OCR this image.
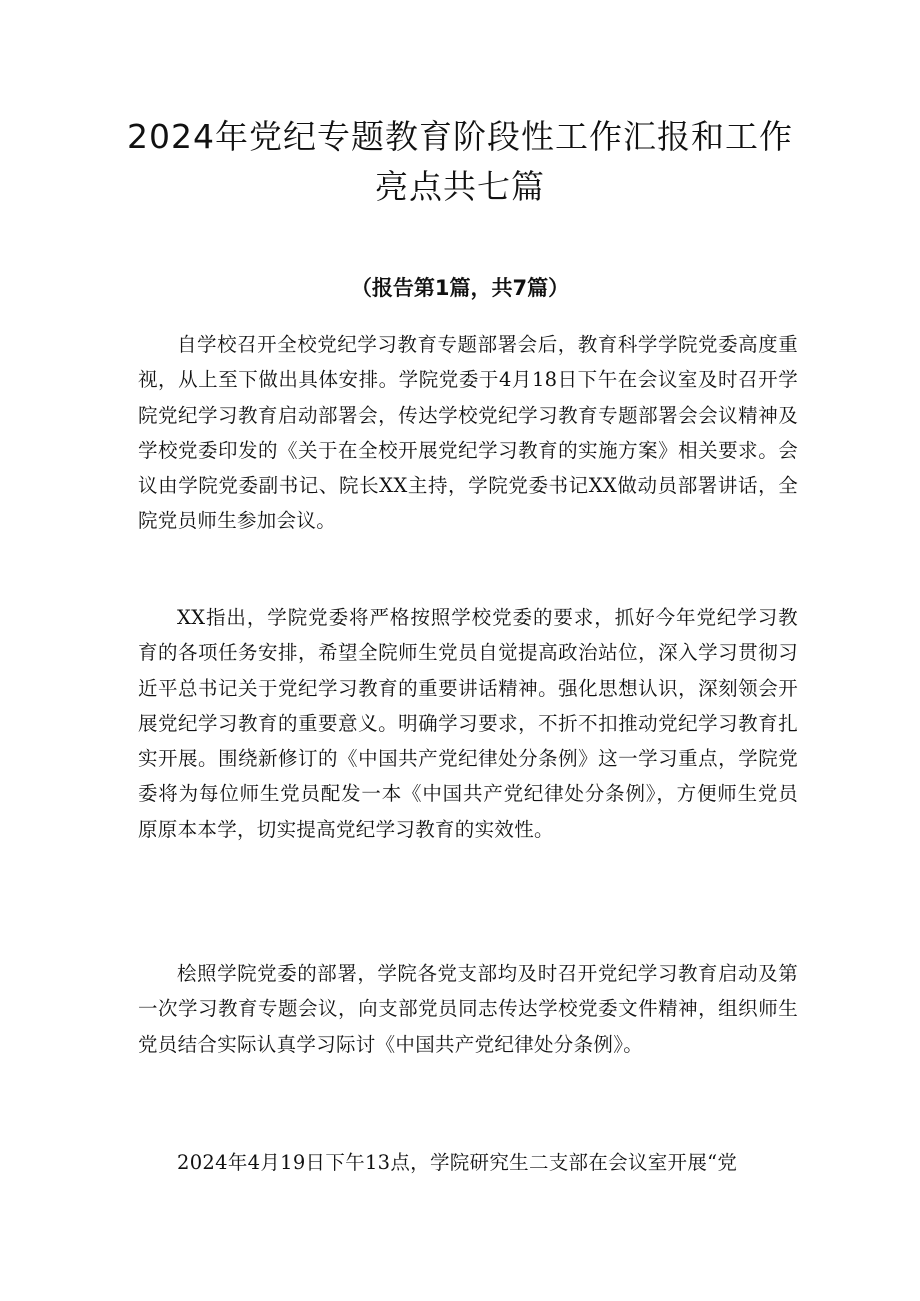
2024年党纪专题教育阶段性工作汇报和工作亮点共七篇

（报告第1篇，共7篇）

自学校召开全校党纪学习教育专题部署会后，教育科学学院党委高度重视，从上至下做出具体安排。学院党委于4月18日下午在会议室及时召开学院党纪学习教育启动部署会，传达学校党纪学习教育专题部署会会议精神及学校党委印发的《关于在全校开展党纪学习教育的实施方案》相关要求。会议由学院党委副书记、院长XX主持，学院党委书记XX做动员部署讲话，全院党员师生参加会议。

XX指出，学院党委将严格按照学校党委的要求，抓好今年党纪学习教育的各项任务安排，希望全院师生党员自觉提高政治站位，深入学习贯彻习近平总书记关于党纪学习教育的重要讲话精神。强化思想认识，深刻领会开展党纪学习教育的重要意义。明确学习要求，不折不扣推动党纪学习教育扎实开展。围绕新修订的《中国共产党纪律处分条例》这一学习重点，学院党委将为每位师生党员配发一本《中国共产党纪律处分条例》，方便师生党员原原本本学，切实提高党纪学习教育的实效性。

桧照学院党委的部署，学院各党支部均及时召开党纪学习教育启动及第一次学习教育专题会议，向支部党员同志传达学校党委文件精神，组织师生党员结合实际认真学习际讨《中国共产党纪律处分条例》。

2024年4月19日下午13点，学院研究生二支部在会议室开展“党
